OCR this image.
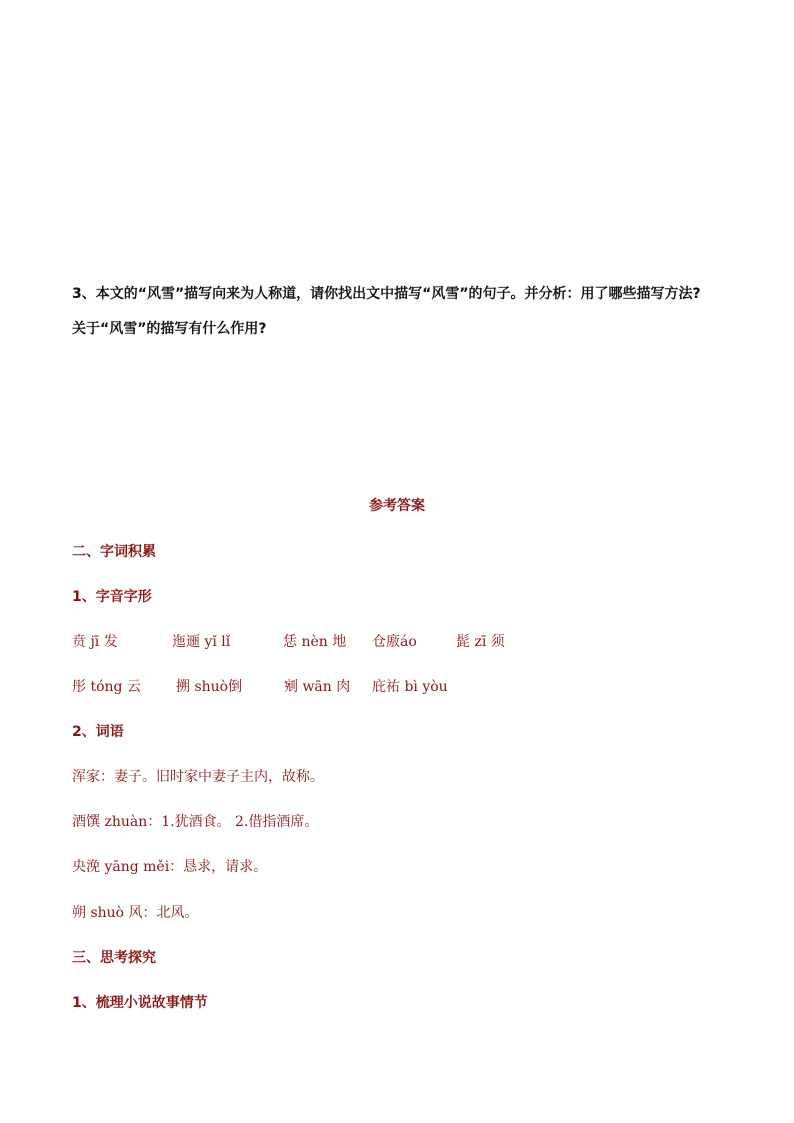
3、本文的“风雪”描写向来为人称道，请你找出文中描写“风雪”的句子。并分析：用了哪些描写方法?
关于“风雪”的描写有什么作用?
参考答案
二、字词积累
1、字音字形
贲 jī 发	迤逦 yǐ lǐ	恁 nèn 地 仓廒áo	髭 zī 须
彤 tóng 云	搠 shuò倒	剜 wān 肉 庇祐 bì yòu
2、词语
浑家：妻子。旧时家中妻子主内，故称。
酒馔 zhuàn：1.犹酒食。 2.借指酒席。
央浼 yāng měi：恳求，请求。
朔 shuò 风：北风。
三、思考探究
1、梳理小说故事情节
